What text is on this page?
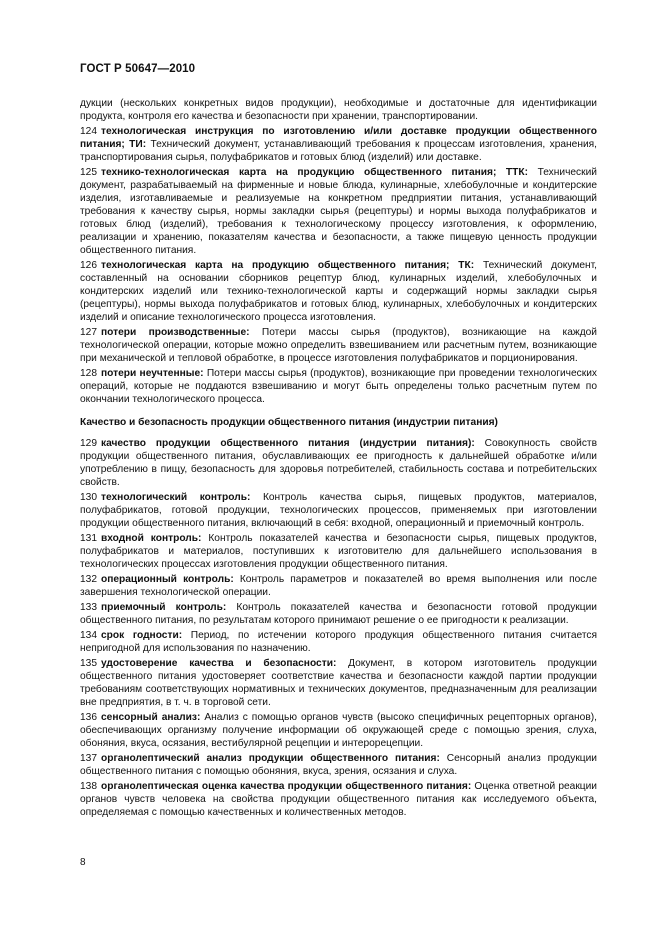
ГОСТ Р 50647—2010

дукции (нескольких конкретных видов продукции), необходимые и достаточные для идентификации продукта, контроля его качества и безопасности при хранении, транспортировании.

124 технологическая инструкция по изготовлению и/или доставке продукции общественного питания; ТИ: Технический документ, устанавливающий требования к процессам изготовления, хранения, транспортирования сырья, полуфабрикатов и готовых блюд (изделий) или доставке.

125 технико-технологическая карта на продукцию общественного питания; ТТК: Технический документ, разрабатываемый на фирменные и новые блюда, кулинарные, хлебобулочные и кондитерские изделия, изготавливаемые и реализуемые на конкретном предприятии питания, устанавливающий требования к качеству сырья, нормы закладки сырья (рецептуры) и нормы выхода полуфабрикатов и готовых блюд (изделий), требования к технологическому процессу изготовления, к оформлению, реализации и хранению, показателям качества и безопасности, а также пищевую ценность продукции общественного питания.

126 технологическая карта на продукцию общественного питания; ТК: Технический документ, составленный на основании сборников рецептур блюд, кулинарных изделий, хлебобулочных и кондитерских изделий или технико-технологической карты и содержащий нормы закладки сырья (рецептуры), нормы выхода полуфабрикатов и готовых блюд, кулинарных, хлебобулочных и кондитерских изделий и описание технологического процесса изготовления.

127 потери производственные: Потери массы сырья (продуктов), возникающие на каждой технологической операции, которые можно определить взвешиванием или расчетным путем, возникающие при механической и тепловой обработке, в процессе изготовления полуфабрикатов и порционирования.

128 потери неучтенные: Потери массы сырья (продуктов), возникающие при проведении технологических операций, которые не поддаются взвешиванию и могут быть определены только расчетным путем по окончании технологического процесса.

Качество и безопасность продукции общественного питания (индустрии питания)

129 качество продукции общественного питания (индустрии питания): Совокупность свойств продукции общественного питания, обуславливающих ее пригодность к дальнейшей обработке и/или употреблению в пищу, безопасность для здоровья потребителей, стабильность состава и потребительских свойств.

130 технологический контроль: Контроль качества сырья, пищевых продуктов, материалов, полуфабрикатов, готовой продукции, технологических процессов, применяемых при изготовлении продукции общественного питания, включающий в себя: входной, операционный и приемочный контроль.

131 входной контроль: Контроль показателей качества и безопасности сырья, пищевых продуктов, полуфабрикатов и материалов, поступивших к изготовителю для дальнейшего использования в технологических процессах изготовления продукции общественного питания.

132 операционный контроль: Контроль параметров и показателей во время выполнения или после завершения технологической операции.

133 приемочный контроль: Контроль показателей качества и безопасности готовой продукции общественного питания, по результатам которого принимают решение о ее пригодности к реализации.

134 срок годности: Период, по истечении которого продукция общественного питания считается непригодной для использования по назначению.

135 удостоверение качества и безопасности: Документ, в котором изготовитель продукции общественного питания удостоверяет соответствие качества и безопасности каждой партии продукции требованиям соответствующих нормативных и технических документов, предназначенным для реализации вне предприятия, в т. ч. в торговой сети.

136 сенсорный анализ: Анализ с помощью органов чувств (высоко специфичных рецепторных органов), обеспечивающих организму получение информации об окружающей среде с помощью зрения, слуха, обоняния, вкуса, осязания, вестибулярной рецепции и интерорецепции.

137 органолептический анализ продукции общественного питания: Сенсорный анализ продукции общественного питания с помощью обоняния, вкуса, зрения, осязания и слуха.

138 органолептическая оценка качества продукции общественного питания: Оценка ответной реакции органов чувств человека на свойства продукции общественного питания как исследуемого объекта, определяемая с помощью качественных и количественных методов.

8
